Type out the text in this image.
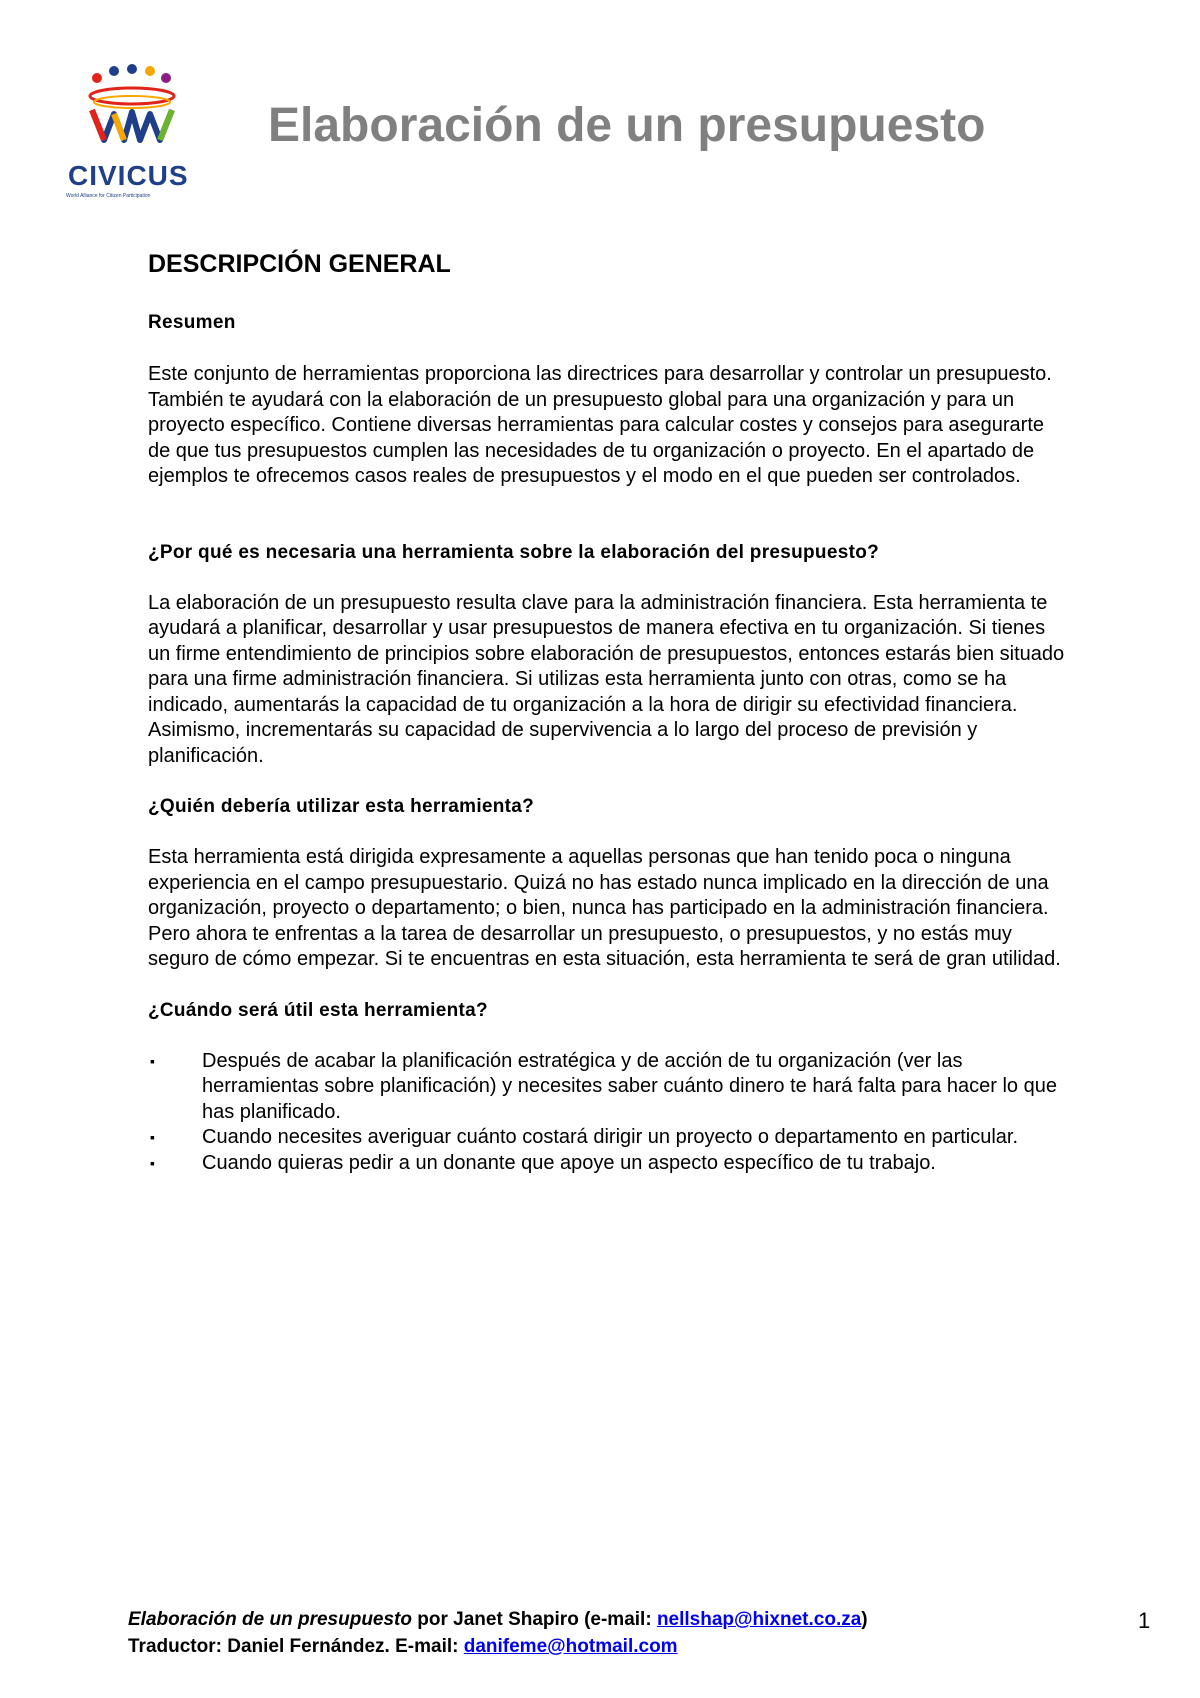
CIVICUS
World Alliance for Citizen Participation
Elaboración de un presupuesto
DESCRIPCIÓN GENERAL
Resumen

Este conjunto de herramientas proporciona las directrices para desarrollar y controlar un presupuesto. También te ayudará con la elaboración de un presupuesto global para una organización y para un proyecto específico. Contiene diversas herramientas para calcular costes y consejos para asegurarte de que tus presupuestos cumplen las necesidades de tu organización o proyecto. En el apartado de ejemplos te ofrecemos casos reales de presupuestos y el modo en el que pueden ser controlados.

¿Por qué es necesaria una herramienta sobre la elaboración del presupuesto?

La elaboración de un presupuesto resulta clave para la administración financiera. Esta herramienta te ayudará a planificar, desarrollar y usar presupuestos de manera efectiva en tu organización. Si tienes un firme entendimiento de principios sobre elaboración de presupuestos, entonces estarás bien situado para una firme administración financiera. Si utilizas esta herramienta junto con otras, como se ha indicado, aumentarás la capacidad de tu organización a la hora de dirigir su efectividad financiera. Asimismo, incrementarás su capacidad de supervivencia a lo largo del proceso de previsión y planificación.

¿Quién debería utilizar esta herramienta?

Esta herramienta está dirigida expresamente a aquellas personas que han tenido poca o ninguna experiencia en el campo presupuestario. Quizá no has estado nunca implicado en la dirección de una organización, proyecto o departamento; o bien, nunca has participado en la administración financiera. Pero ahora te enfrentas a la tarea de desarrollar un presupuesto, o presupuestos, y no estás muy seguro de cómo empezar. Si te encuentras en esta situación, esta herramienta te será de gran utilidad.

¿Cuándo será útil esta herramienta?
▪ Después de acabar la planificación estratégica y de acción de tu organización (ver las herramientas sobre planificación) y necesites saber cuánto dinero te hará falta para hacer lo que has planificado.
▪ Cuando necesites averiguar cuánto costará dirigir un proyecto o departamento en particular.
▪ Cuando quieras pedir a un donante que apoye un aspecto específico de tu trabajo.
Elaboración de un presupuesto por Janet Shapiro (e-mail: nellshap@hixnet.co.za)
Traductor: Daniel Fernández. E-mail: danifeme@hotmail.com
1
